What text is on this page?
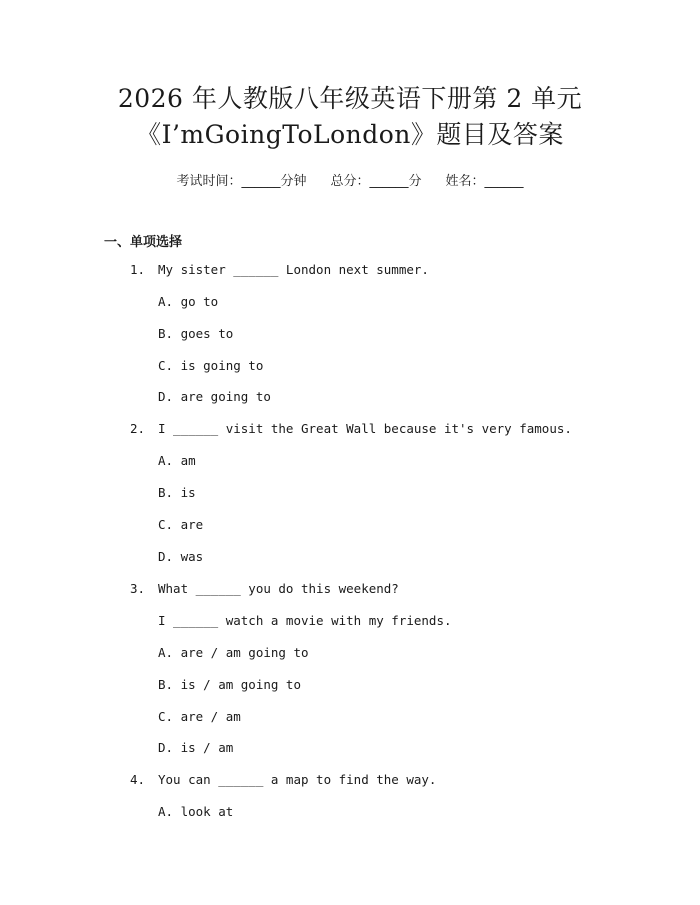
2026 年人教版八年级英语下册第 2 单元
《I’mGoingToLondon》题目及答案
考试时间：______分钟 总分：______分 姓名：______
一、单项选择
1.	My sister ______ London next summer.
A. go to
B. goes to
C. is going to
D. are going to
2.	I ______ visit the Great Wall because it's very famous.
A. am
B. is
C. are
D. was
3.	What ______ you do this weekend?
I ______ watch a movie with my friends.
A. are / am going to
B. is / am going to
C. are / am
D. is / am
4.	You can ______ a map to find the way.
A. look at
